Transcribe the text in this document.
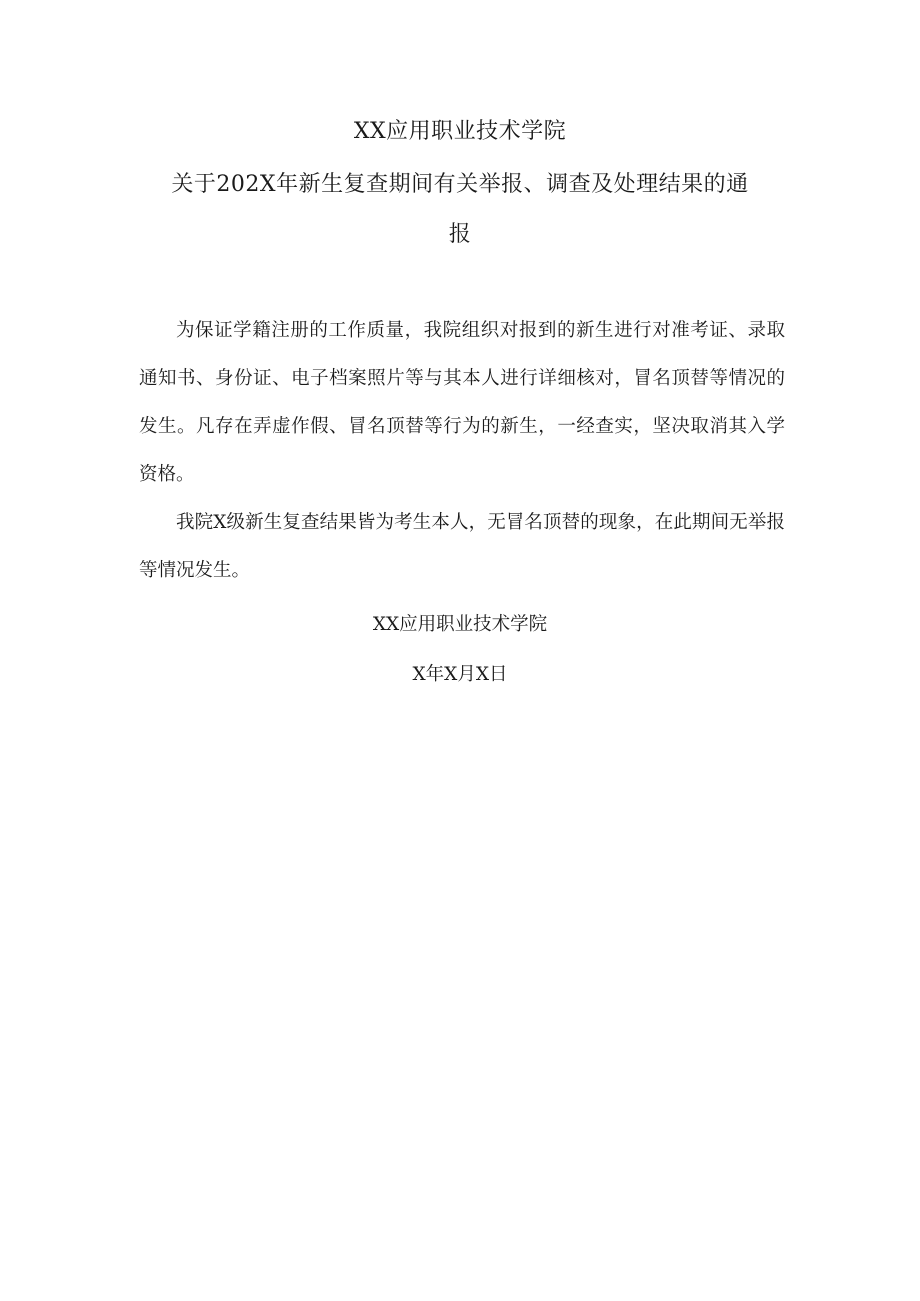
XX应用职业技术学院
关于202X年新生复查期间有关举报、调查及处理结果的通
报
为保证学籍注册的工作质量，我院组织对报到的新生进行对准考证、录取通知书、身份证、电子档案照片等与其本人进行详细核对，冒名顶替等情况的发生。凡存在弄虚作假、冒名顶替等行为的新生，一经查实，坚决取消其入学资格。
我院X级新生复查结果皆为考生本人，无冒名顶替的现象，在此期间无举报等情况发生。
XX应用职业技术学院
X年X月X日
